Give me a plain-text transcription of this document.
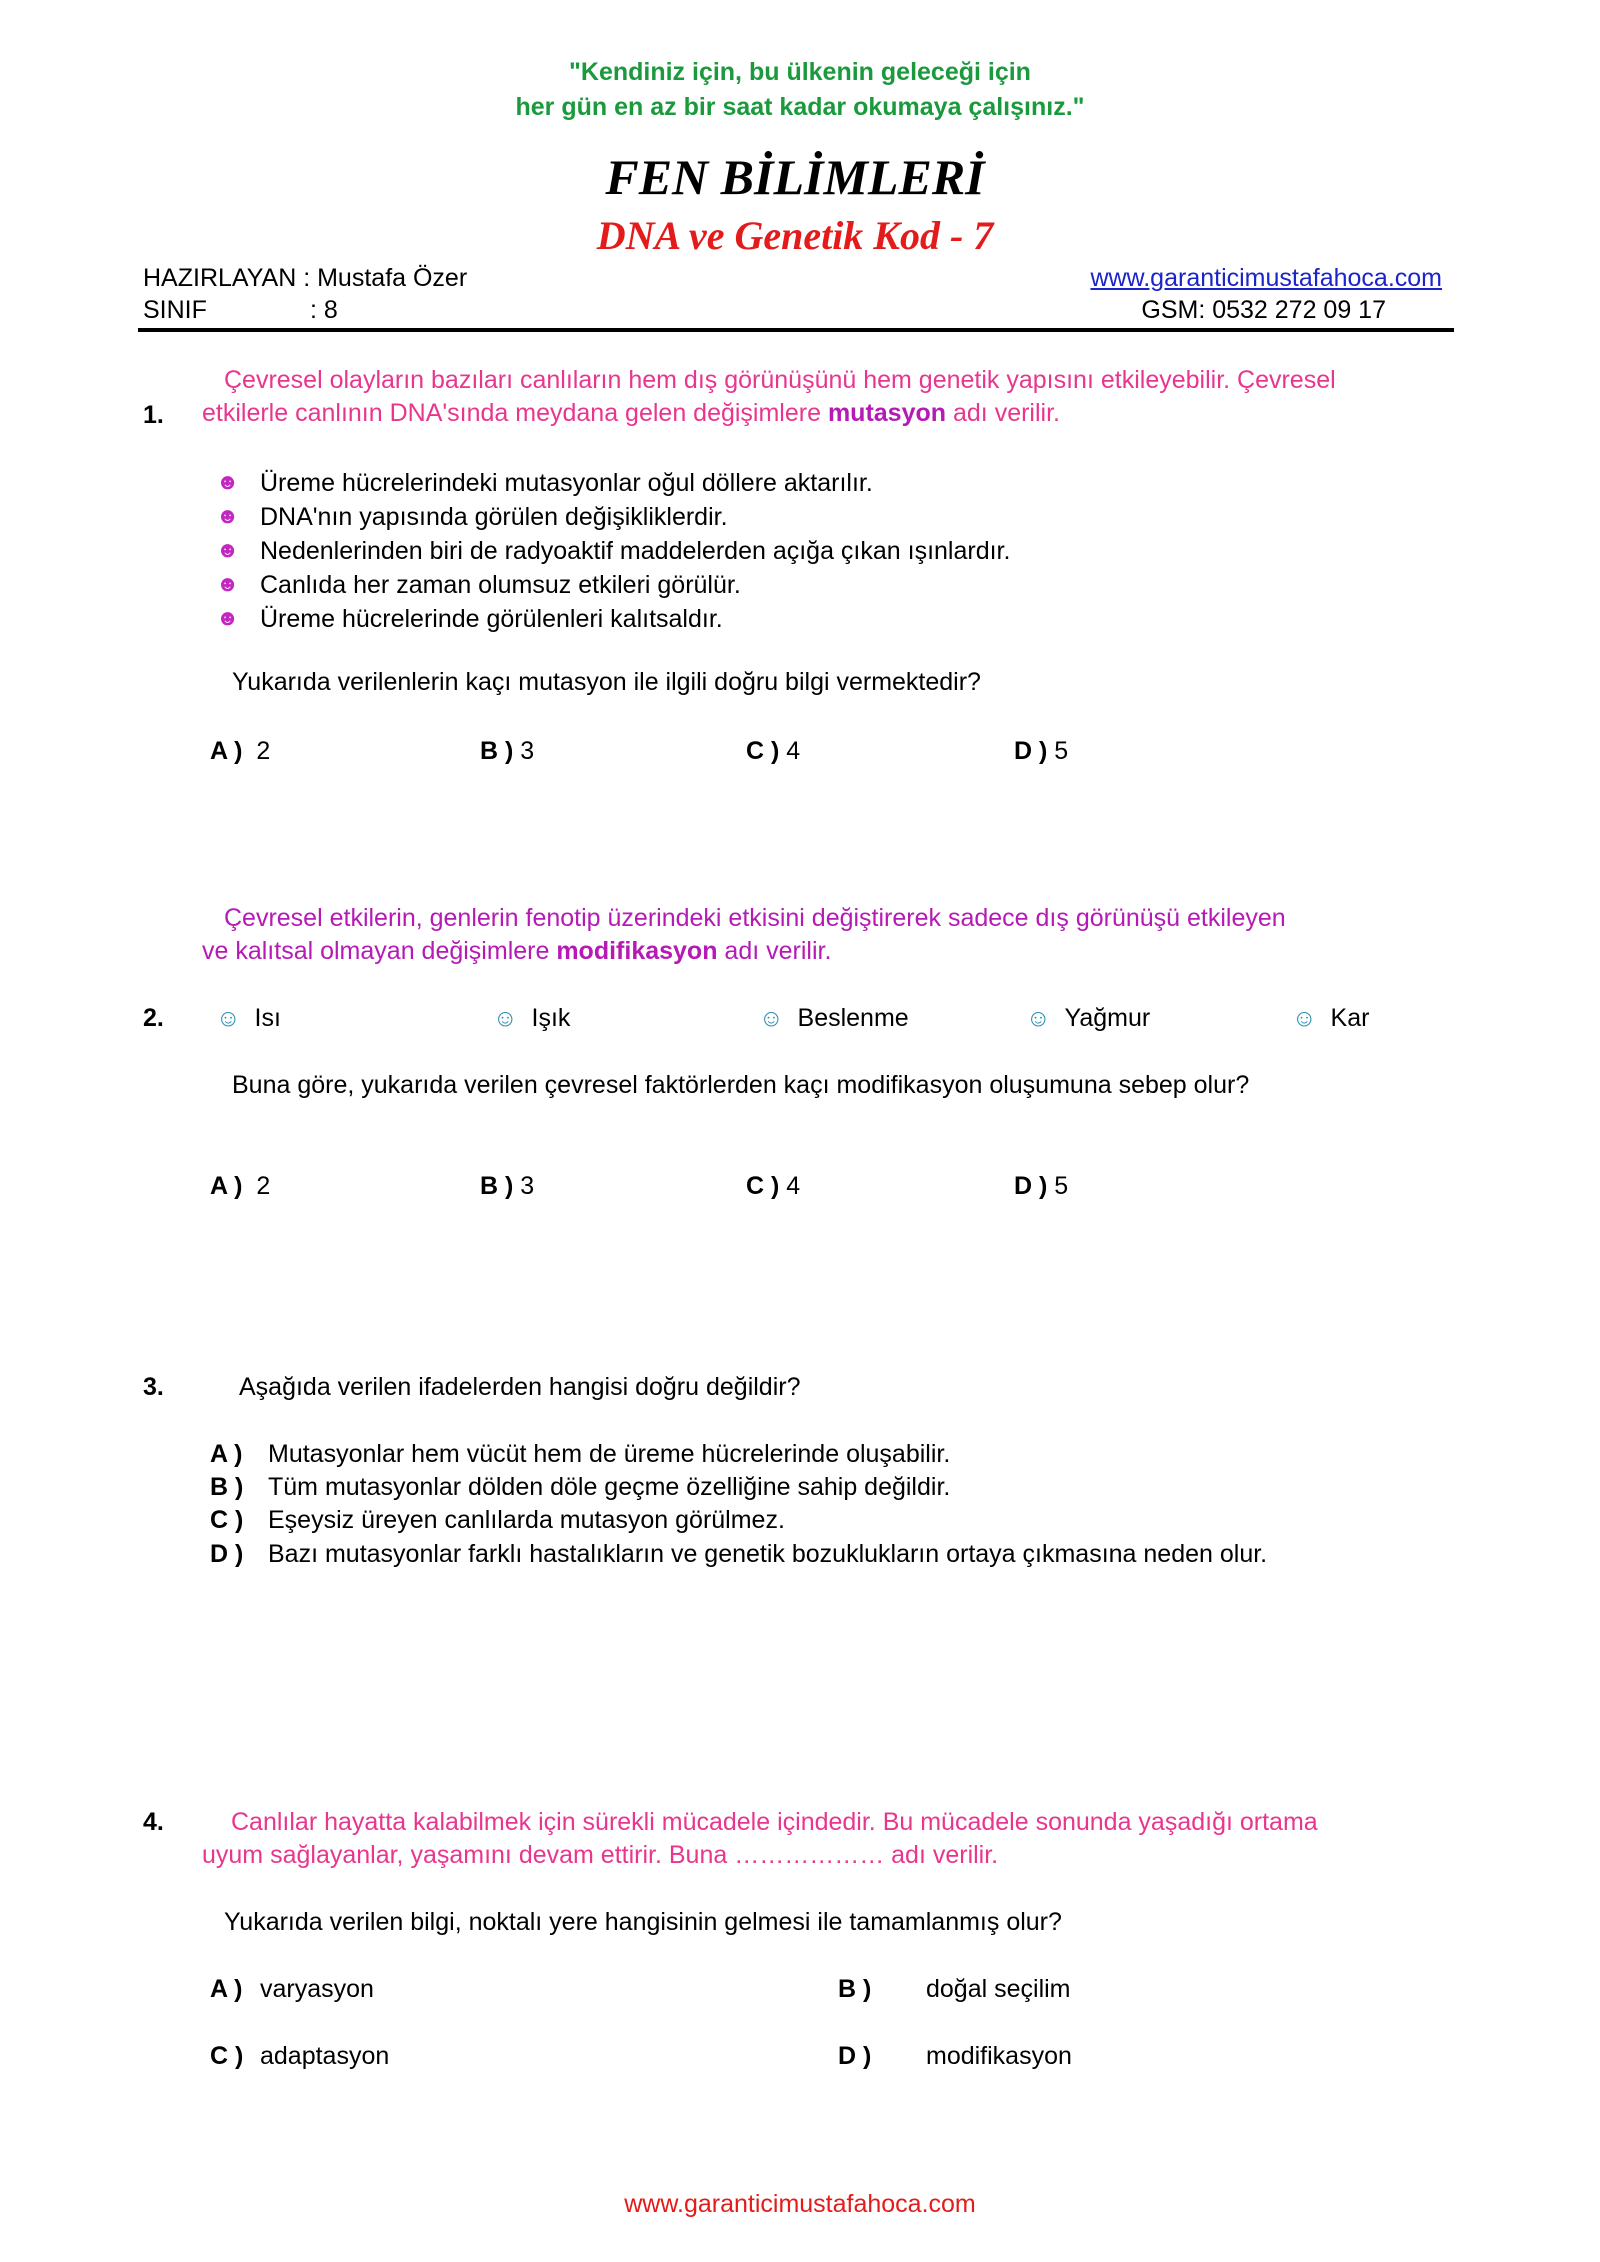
"Kendiniz için, bu ülkenin geleceği için
her gün en az bir saat kadar okumaya çalışınız."
FEN BİLİMLERİ
DNA ve Genetik Kod - 7
HAZIRLAYAN : Mustafa Özer
SINIF	: 8
www.garanticimustafahoca.com
GSM: 0532 272 09 17
1.
Çevresel olayların bazıları canlıların hem dış görünüşünü hem genetik yapısını etkileyebilir. Çevresel
etkilerle canlının DNA'sında meydana gelen değişimlere mutasyon adı verilir.
☻ Üreme hücrelerindeki mutasyonlar oğul döllere aktarılır.
☻ DNA'nın yapısında görülen değişikliklerdir.
☻ Nedenlerinden biri de radyoaktif maddelerden açığa çıkan ışınlardır.
☻ Canlıda her zaman olumsuz etkileri görülür.
☻ Üreme hücrelerinde görülenleri kalıtsaldır.
Yukarıda verilenlerin kaçı mutasyon ile ilgili doğru bilgi vermektedir?
A ) 2	B ) 3	C ) 4	D ) 5
Çevresel etkilerin, genlerin fenotip üzerindeki etkisini değiştirerek sadece dış görünüşü etkileyen
ve kalıtsal olmayan değişimlere modifikasyon adı verilir.
2. ☺ Isı	☺ Işık	☺ Beslenme	☺ Yağmur	☺ Kar
Buna göre, yukarıda verilen çevresel faktörlerden kaçı modifikasyon oluşumuna sebep olur?
A ) 2	B ) 3	C ) 4	D ) 5
3.	Aşağıda verilen ifadelerden hangisi doğru değildir?
A ) Mutasyonlar hem vücüt hem de üreme hücrelerinde oluşabilir.
B ) Tüm mutasyonlar dölden döle geçme özelliğine sahip değildir.
C ) Eşeysiz üreyen canlılarda mutasyon görülmez.
D ) Bazı mutasyonlar farklı hastalıkların ve genetik bozuklukların ortaya çıkmasına neden olur.
4.	Canlılar hayatta kalabilmek için sürekli mücadele içindedir. Bu mücadele sonunda yaşadığı ortama
uyum sağlayanlar, yaşamını devam ettirir. Buna ……………… adı verilir.
Yukarıda verilen bilgi, noktalı yere hangisinin gelmesi ile tamamlanmış olur?
A ) varyasyon	B ) doğal seçilim
C ) adaptasyon	D ) modifikasyon
www.garanticimustafahoca.com
